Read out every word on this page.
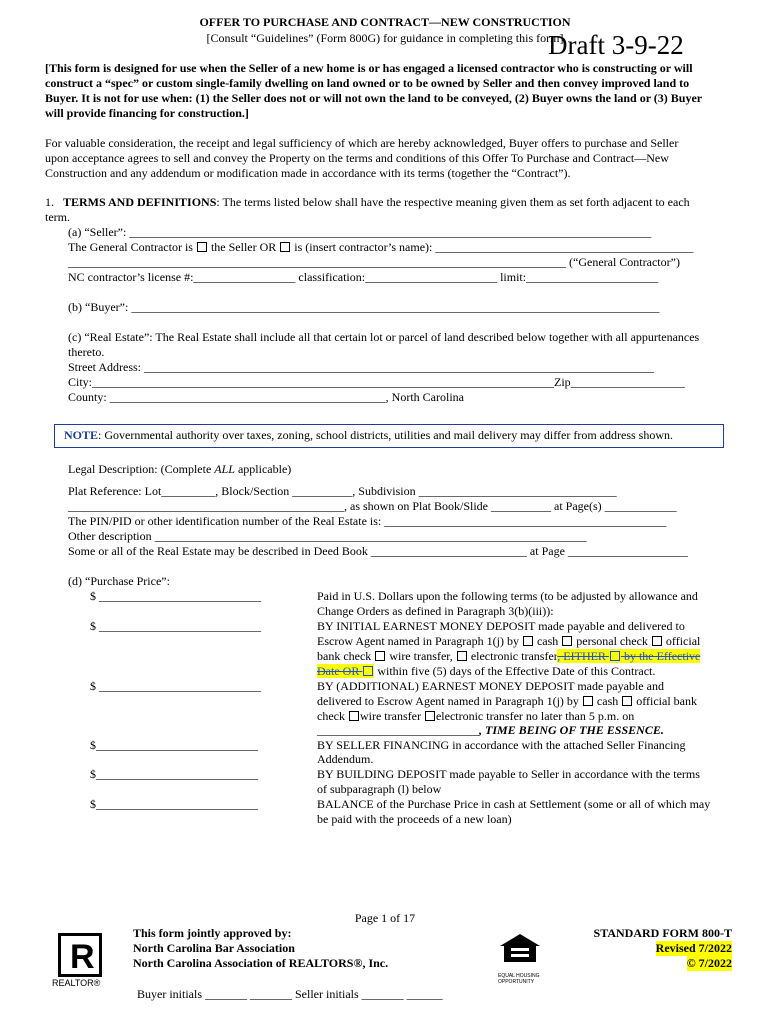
OFFER TO PURCHASE AND CONTRACT—NEW CONSTRUCTION
[Consult “Guidelines” (Form 800G) for guidance in completing this form]
Draft 3-9-22
[This form is designed for use when the Seller of a new home is or has engaged a licensed contractor who is constructing or will
construct a “spec” or custom single-family dwelling on land owned or to be owned by Seller and then convey improved land to
Buyer. It is not for use when: (1) the Seller does not or will not own the land to be conveyed, (2) Buyer owns the land or (3) Buyer
will provide financing for construction.]
For valuable consideration, the receipt and legal sufficiency of which are hereby acknowledged, Buyer offers to purchase and Seller
upon acceptance agrees to sell and convey the Property on the terms and conditions of this Offer To Purchase and Contract—New
Construction and any addendum or modification made in accordance with its terms (together the “Contract”).
1. TERMS AND DEFINITIONS: The terms listed below shall have the respective meaning given them as set forth adjacent to each
term.
(a) “Seller”: _______________________________________________________________________________________
The General Contractor is the Seller OR is (insert contractor’s name): ___________________________________________
___________________________________________________________________________________ (“General Contractor”)
NC contractor’s license #:_________________ classification:______________________ limit:______________________
(b) “Buyer”: ________________________________________________________________________________________
(c) “Real Estate”: The Real Estate shall include all that certain lot or parcel of land described below together with all appurtenances
thereto.
Street Address: _____________________________________________________________________________________
City:_____________________________________________________________________________Zip___________________
County: ______________________________________________, North Carolina
NOTE: Governmental authority over taxes, zoning, school districts, utilities and mail delivery may differ from address shown.
Legal Description: (Complete ALL applicable)
Plat Reference: Lot_________, Block/Section __________, Subdivision _________________________________
______________________________________________, as shown on Plat Book/Slide __________ at Page(s) ____________
The PIN/PID or other identification number of the Real Estate is: _______________________________________________
Other description ________________________________________________________________________
Some or all of the Real Estate may be described in Deed Book __________________________ at Page ____________________
(d) “Purchase Price”:
$ ___________________________
$ ___________________________
$ ___________________________
$___________________________
$___________________________
$___________________________
Paid in U.S. Dollars upon the following terms (to be adjusted by allowance and
Change Orders as defined in Paragraph 3(b)(iii)):
BY INITIAL EARNEST MONEY DEPOSIT made payable and delivered to
Escrow Agent named in Paragraph 1(j) by cash personal check official
bank check wire transfer, electronic transfer, EITHER by the Effective
Date OR within five (5) days of the Effective Date of this Contract.
BY (ADDITIONAL) EARNEST MONEY DEPOSIT made payable and
delivered to Escrow Agent named in Paragraph 1(j) by cash official bank
check wire transfer electronic transfer no later than 5 p.m. on
___________________________, TIME BEING OF THE ESSENCE.
BY SELLER FINANCING in accordance with the attached Seller Financing
Addendum.
BY BUILDING DEPOSIT made payable to Seller in accordance with the terms
of subparagraph (l) below
BALANCE of the Purchase Price in cash at Settlement (some or all of which may
be paid with the proceeds of a new loan)
Page 1 of 17
R
REALTOR®
This form jointly approved by:
North Carolina Bar Association
North Carolina Association of REALTORS®, Inc.
EQUAL HOUSING OPPORTUNITY
STANDARD FORM 800-T
Revised 7/2022
© 7/2022
Buyer initials _______ _______ Seller initials _______ ______
